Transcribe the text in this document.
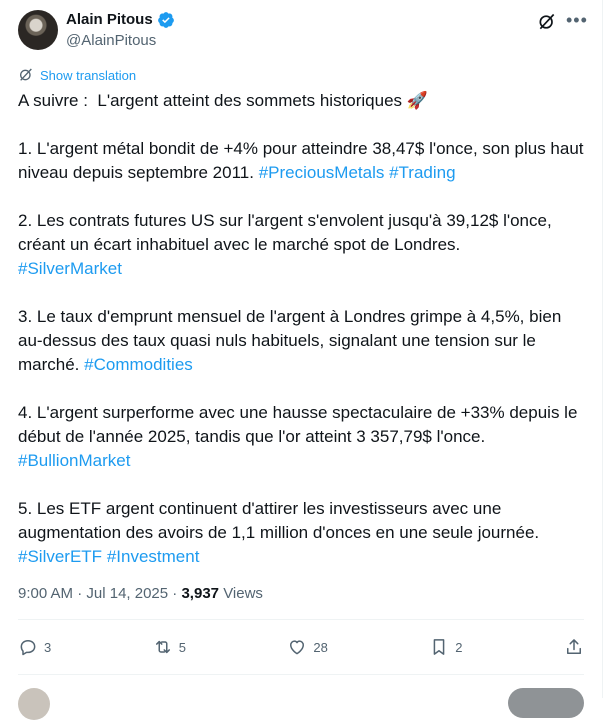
Alain Pitous
@AlainPitous
•••
Show translation
A suivre :  L'argent atteint des sommets historiques 🚀

1. L'argent métal bondit de +4% pour atteindre 38,47$ l'once, son plus haut niveau depuis septembre 2011. #PreciousMetals #Trading

2. Les contrats futures US sur l'argent s'envolent jusqu'à 39,12$ l'once, créant un écart inhabituel avec le marché spot de Londres.
#SilverMarket

3. Le taux d'emprunt mensuel de l'argent à Londres grimpe à 4,5%, bien au-dessus des taux quasi nuls habituels, signalant une tension sur le marché. #Commodities

4. L'argent surperforme avec une hausse spectaculaire de +33% depuis le début de l'année 2025, tandis que l'or atteint 3 357,79$ l'once.
#BullionMarket

5. Les ETF argent continuent d'attirer les investisseurs avec une augmentation des avoirs de 1,1 million d'onces en une seule journée.
#SilverETF #Investment
9:00 AM · Jul 14, 2025 · 3,937 Views
3	5	28	2
